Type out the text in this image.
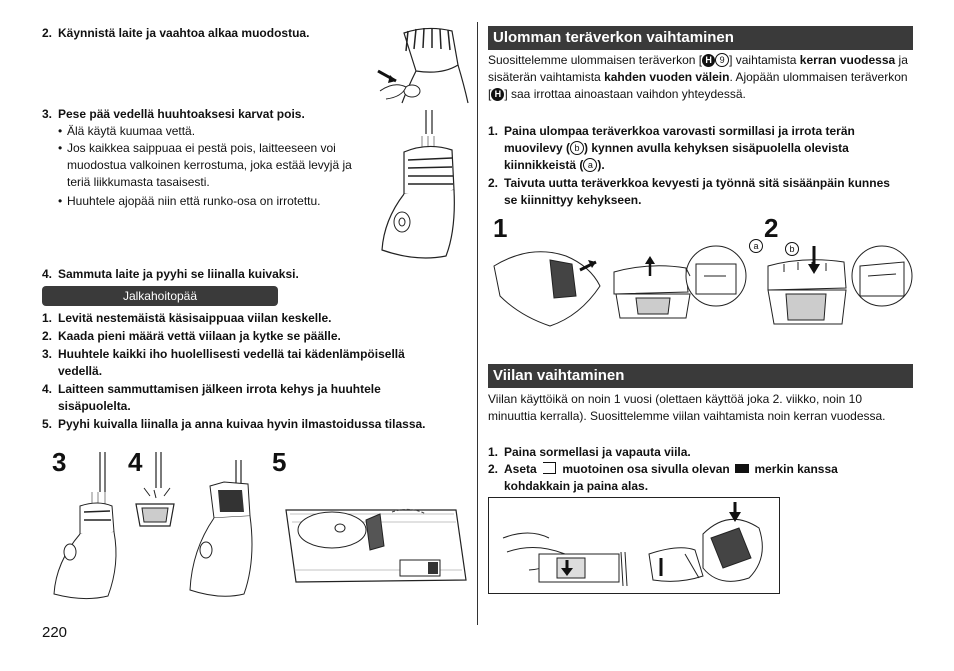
2. Käynnistä laite ja vaahtoa alkaa muodostua.
3. Pese pää vedellä huuhtoaksesi karvat pois.
• Älä käytä kuumaa vettä.
• Jos kaikkea saippuaa ei pestä pois, laitteeseen voi muodostua valkoinen kerrostuma, joka estää levyjä ja teriä liikkumasta tasaisesti.
• Huuhtele ajopää niin että runko-osa on irrotettu.
4. Sammuta laite ja pyyhi se liinalla kuivaksi.
Jalkahoitopää
1. Levitä nestemäistä käsisaippuaa viilan keskelle.
2. Kaada pieni määrä vettä viilaan ja kytke se päälle.
3. Huuhtele kaikki iho huolellisesti vedellä tai kädenlämpöisellä vedellä.
4. Laitteen sammuttamisen jälkeen irrota kehys ja huuhtele sisäpuolelta.
5. Pyyhi kuivalla liinalla ja anna kuivaa hyvin ilmastoidussa tilassa.
3 4	5
220
Ulomman teräverkon vaihtaminen
Suosittelemme ulommaisen teräverkon [ H 9 ] vaihtamista kerran vuodessa ja sisäterän vaihtamista kahden vuoden välein. Ajopään ulommaisen teräverkon [ H ] saa irrottaa ainoastaan vaihdon yhteydessä.
1. Paina ulompaa teräverkkoa varovasti sormillasi ja irrota terän muovilevy ( b ) kynnen avulla kehyksen sisäpuolella olevista kiinnikkeistä ( a ).
2. Taivuta uutta teräverkkoa kevyesti ja työnnä sitä sisäänpäin kunnes se kiinnittyy kehykseen.
1	2
a	b
Viilan vaihtaminen
Viilan käyttöikä on noin 1 vuosi (olettaen käyttöä joka 2. viikko, noin 10 minuuttia kerralla). Suosittelemme viilan vaihtamista noin kerran vuodessa.
1. Paina sormellasi ja vapauta viila.
2. Aseta muotoinen osa sivulla olevan merkin kanssa kohdakkain ja paina alas.
